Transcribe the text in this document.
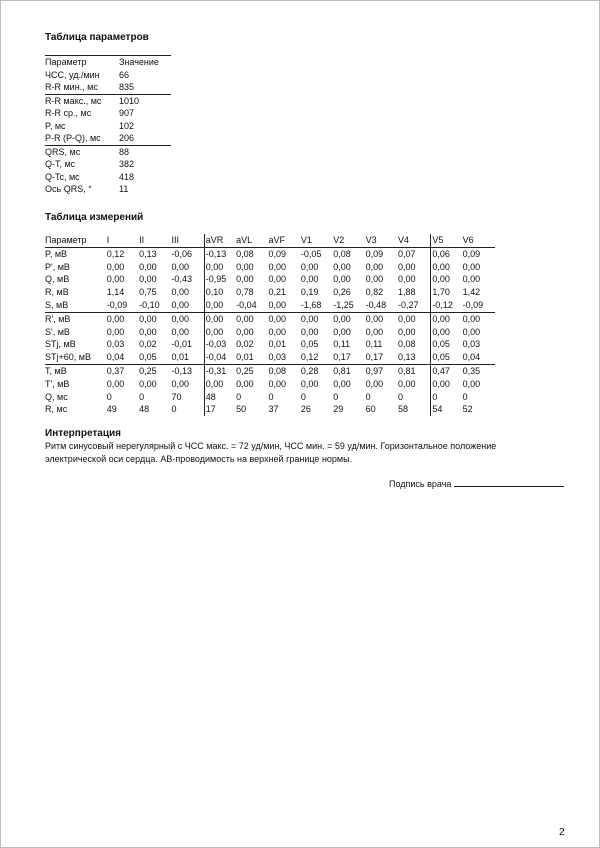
Таблица параметров
Параметр	Значение
ЧСС, уд./мин	66
R-R мин., мс	835
R-R макс., мс	1010
R-R ср., мс	907
P, мс	102
P-R (P-Q), мс	206
QRS, мс	88
Q-T, мс	382
Q-Tc, мс	418
Ось QRS, °	11
Таблица измерений
Параметр	I	II	III	aVR	aVL	aVF	V1	V2	V3	V4	V5	V6
P, мВ	0,12	0,13	-0,06	-0,13	0,08	0,09	-0,05	0,08	0,09	0,07	0,06	0,09
P', мВ	0,00	0,00	0,00	0,00	0,00	0,00	0,00	0,00	0,00	0,00	0,00	0,00
Q, мВ	0,00	0,00	-0,43	-0,95	0,00	0,00	0,00	0,00	0,00	0,00	0,00	0,00
R, мВ	1,14	0,75	0,00	0,10	0,78	0,21	0,19	0,26	0,82	1,88	1,70	1,42
S, мВ	-0,09	-0,10	0,00	0,00	-0,04	0,00	-1,68	-1,25	-0,48	-0,27	-0,12	-0,09
R', мВ	0,00	0,00	0,00	0,00	0,00	0,00	0,00	0,00	0,00	0,00	0,00	0,00
S', мВ	0,00	0,00	0,00	0,00	0,00	0,00	0,00	0,00	0,00	0,00	0,00	0,00
STj, мВ	0,03	0,02	-0,01	-0,03	0,02	0,01	0,05	0,11	0,11	0,08	0,05	0,03
STj+60, мВ	0,04	0,05	0,01	-0,04	0,01	0,03	0,12	0,17	0,17	0,13	0,05	0,04
T, мВ	0,37	0,25	-0,13	-0,31	0,25	0,08	0,28	0,81	0,97	0,81	0,47	0,35
T', мВ	0,00	0,00	0,00	0,00	0,00	0,00	0,00	0,00	0,00	0,00	0,00	0,00
Q, мс	0	0	70	48	0	0	0	0	0	0	0	0
R, мс	49	48	0	17	50	37	26	29	60	58	54	52
Интерпретация
Ритм синусовый нерегулярный с ЧСС макс. = 72 уд/мин, ЧСС мин. = 59 уд/мин. Горизонтальное положение электрической оси сердца. АВ-проводимость на верхней границе нормы.
Подпись врача
2
